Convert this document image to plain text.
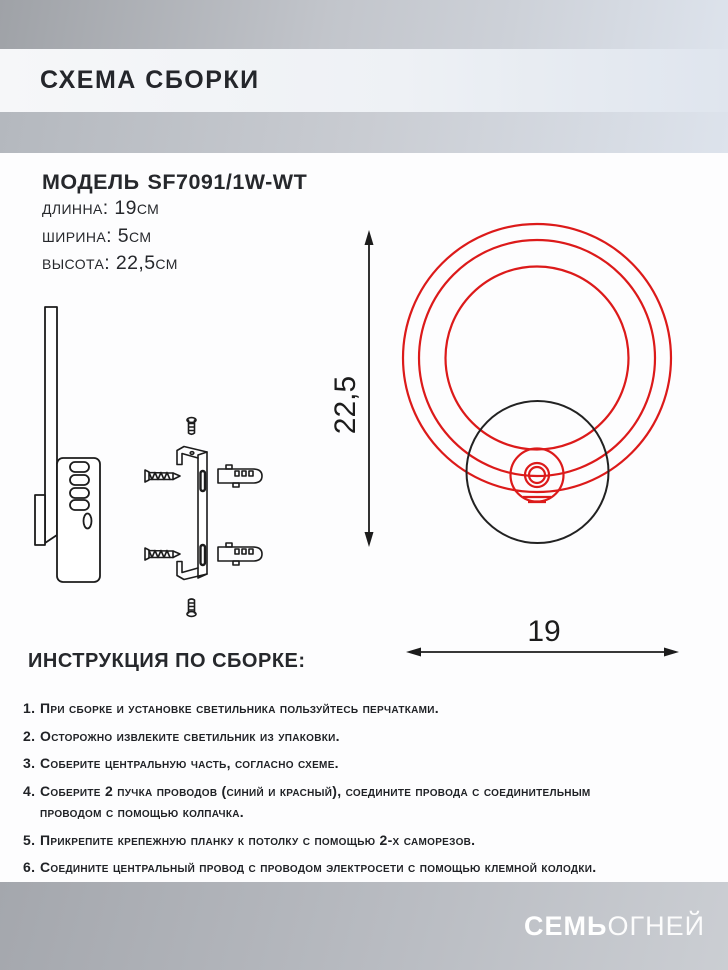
СХЕМА СБОРКИ
МОДЕЛЬ SF7091/1W-WT
длинна: 19см
ширина: 5см
высота: 22,5см
22,5
19
ИНСТРУКЦИЯ ПО СБОРКЕ:
1. При сборке и установке светильника пользуйтесь перчатками.
2. Осторожно извлеките светильник из упаковки.
3. Соберите центральную часть, согласно схеме.
4. Соберите 2 пучка проводов (синий и красный), соедините провода с соединительным
проводом с помощью колпачка.
5. Прикрепите крепежную планку к потолку с помощью 2-х саморезов.
6. Соедините центральный провод с проводом электросети с помощью клемной колодки.
СЕМЬОГНЕЙ
